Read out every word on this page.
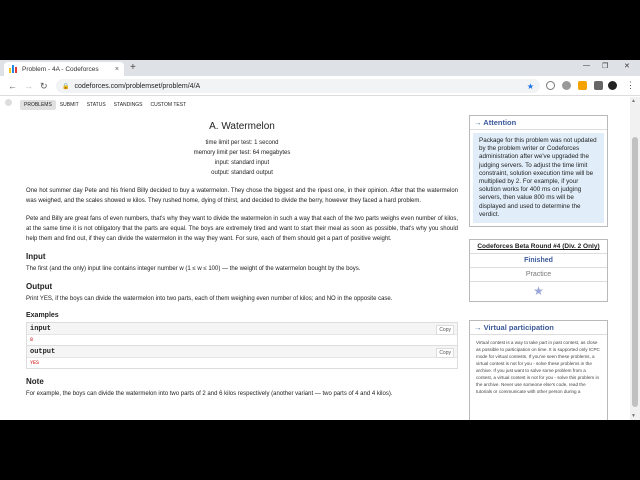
Problem - 4A - Codeforces	× +	— ❐ ✕
← → ↻ 🔒 codeforces.com/problemset/problem/4/A	★	⋮
PROBLEMS	SUBMIT	STATUS	STANDINGS	CUSTOM TEST
A. Watermelon
time limit per test: 1 second
memory limit per test: 64 megabytes
input: standard input
output: standard output

One hot summer day Pete and his friend Billy decided to buy a watermelon. They chose the biggest and the ripest one, in their opinion. After that the watermelon was weighed, and the scales showed w kilos. They rushed home, dying of thirst, and decided to divide the berry, however they faced a hard problem.

Pete and Billy are great fans of even numbers, that's why they want to divide the watermelon in such a way that each of the two parts weighs even number of kilos, at the same time it is not obligatory that the parts are equal. The boys are extremely tired and want to start their meal as soon as possible, that's why you should help them and find out, if they can divide the watermelon in the way they want. For sure, each of them should get a part of positive weight.

Input

The first (and the only) input line contains integer number w (1 ≤ w ≤ 100) — the weight of the watermelon bought by the boys.

Output

Print YES, if the boys can divide the watermelon into two parts, each of them weighing even number of kilos; and NO in the opposite case.

Examples
input	Copy
8
output	Copy
YES
Note

For example, the boys can divide the watermelon into two parts of 2 and 6 kilos respectively (another variant — two parts of 4 and 4 kilos).

→ Attention
Package for this problem was not updated by the problem writer or Codeforces administration after we've upgraded the judging servers. To adjust the time limit constraint, solution execution time will be multiplied by 2. For example, if your solution works for 400 ms on judging servers, then value 800 ms will be displayed and used to determine the verdict.
Codeforces Beta Round #4 (Div. 2 Only)
Finished
Practice
★
→ Virtual participation
Virtual contest is a way to take part in past contest, as close as possible to participation on time. It is supported only ICPC mode for virtual contests. If you've seen these problems, a virtual contest is not for you - solve these problems in the archive. If you just want to solve some problem from a contest, a virtual contest is not for you - solve this problem in the archive. Never use someone else's code, read the tutorials or communicate with other person during a
▲
▼
